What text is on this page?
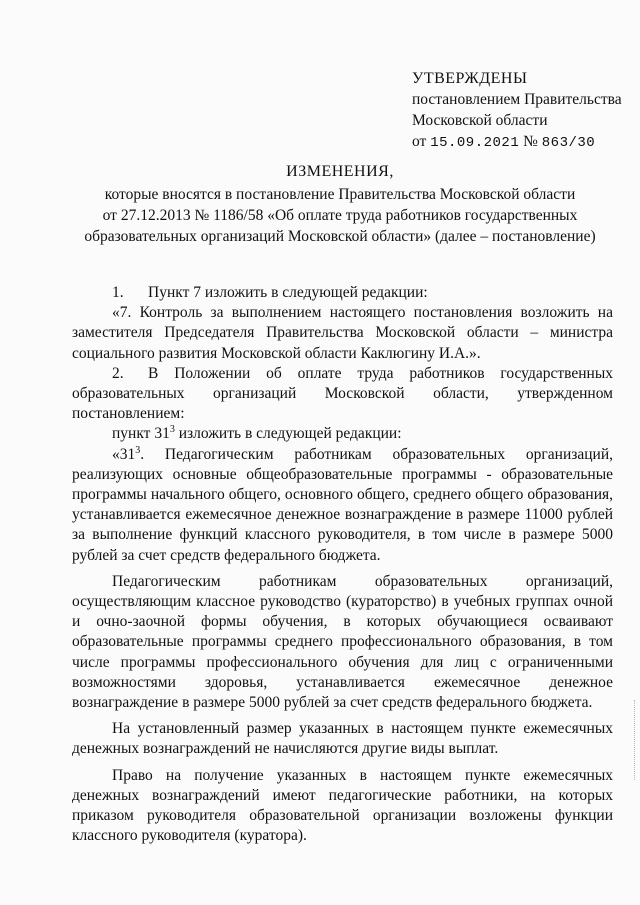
УТВЕРЖДЕНЫ
постановлением Правительства
Московской области
от 15.09.2021 № 863/30
ИЗМЕНЕНИЯ,
которые вносятся в постановление Правительства Московской области
от 27.12.2013 № 1186/58 «Об оплате труда работников государственных
образовательных организаций Московской области» (далее – постановление)

1. Пункт 7 изложить в следующей редакции:

«7. Контроль за выполнением настоящего постановления возложить на заместителя Председателя Правительства Московской области – министра социального развития Московской области Каклюгину И.А.».

2. В Положении об оплате труда работников государственных образовательных организаций Московской области, утвержденном постановлением:

пункт $31^3$ изложить в следующей редакции:

«$31^3$. Педагогическим работникам образовательных организаций, реализующих основные общеобразовательные программы - образовательные программы начального общего, основного общего, среднего общего образования, устанавливается ежемесячное денежное вознаграждение в размере 11000 рублей за выполнение функций классного руководителя, в том числе в размере 5000 рублей за счет средств федерального бюджета.

Педагогическим работникам образовательных организаций, осуществляющим классное руководство (кураторство) в учебных группах очной и очно-заочной формы обучения, в которых обучающиеся осваивают образовательные программы среднего профессионального образования, в том числе программы профессионального обучения для лиц с ограниченными возможностями здоровья, устанавливается ежемесячное денежное вознаграждение в размере 5000 рублей за счет средств федерального бюджета.

На установленный размер указанных в настоящем пункте ежемесячных денежных вознаграждений не начисляются другие виды выплат.

Право на получение указанных в настоящем пункте ежемесячных денежных вознаграждений имеют педагогические работники, на которых приказом руководителя образовательной организации возложены функции классного руководителя (куратора).
